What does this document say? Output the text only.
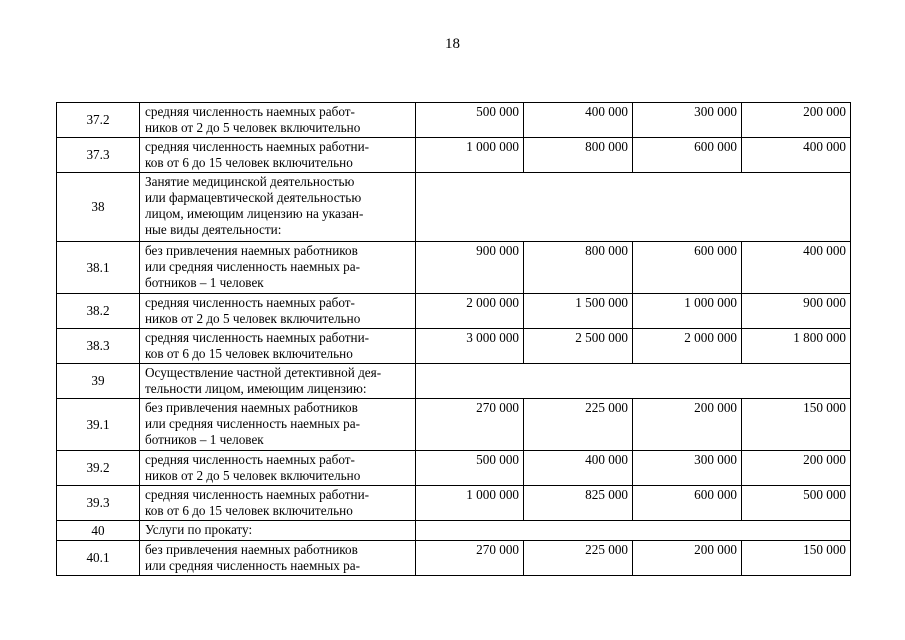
18
37.2	средняя численность наемных работ-
ников от 2 до 5 человек включительно	500 000	400 000	300 000	200 000
37.3	средняя численность наемных работни-
ков от 6 до 15 человек включительно	1 000 000	800 000	600 000	400 000
38	Занятие медицинской деятельностью
или фармацевтической деятельностью
лицом, имеющим лицензию на указан-
ные виды деятельности:				
38.1	без привлечения наемных работников
или средняя численность наемных ра-
ботников – 1 человек	900 000	800 000	600 000	400 000
38.2	средняя численность наемных работ-
ников от 2 до 5 человек включительно	2 000 000	1 500 000	1 000 000	900 000
38.3	средняя численность наемных работни-
ков от 6 до 15 человек включительно	3 000 000	2 500 000	2 000 000	1 800 000
39	Осуществление частной детективной дея-
тельности лицом, имеющим лицензию:				
39.1	без привлечения наемных работников
или средняя численность наемных ра-
ботников – 1 человек	270 000	225 000	200 000	150 000
39.2	средняя численность наемных работ-
ников от 2 до 5 человек включительно	500 000	400 000	300 000	200 000
39.3	средняя численность наемных работни-
ков от 6 до 15 человек включительно	1 000 000	825 000	600 000	500 000
40	Услуги по прокату:				
40.1	без привлечения наемных работников
или средняя численность наемных ра-	270 000	225 000	200 000	150 000
